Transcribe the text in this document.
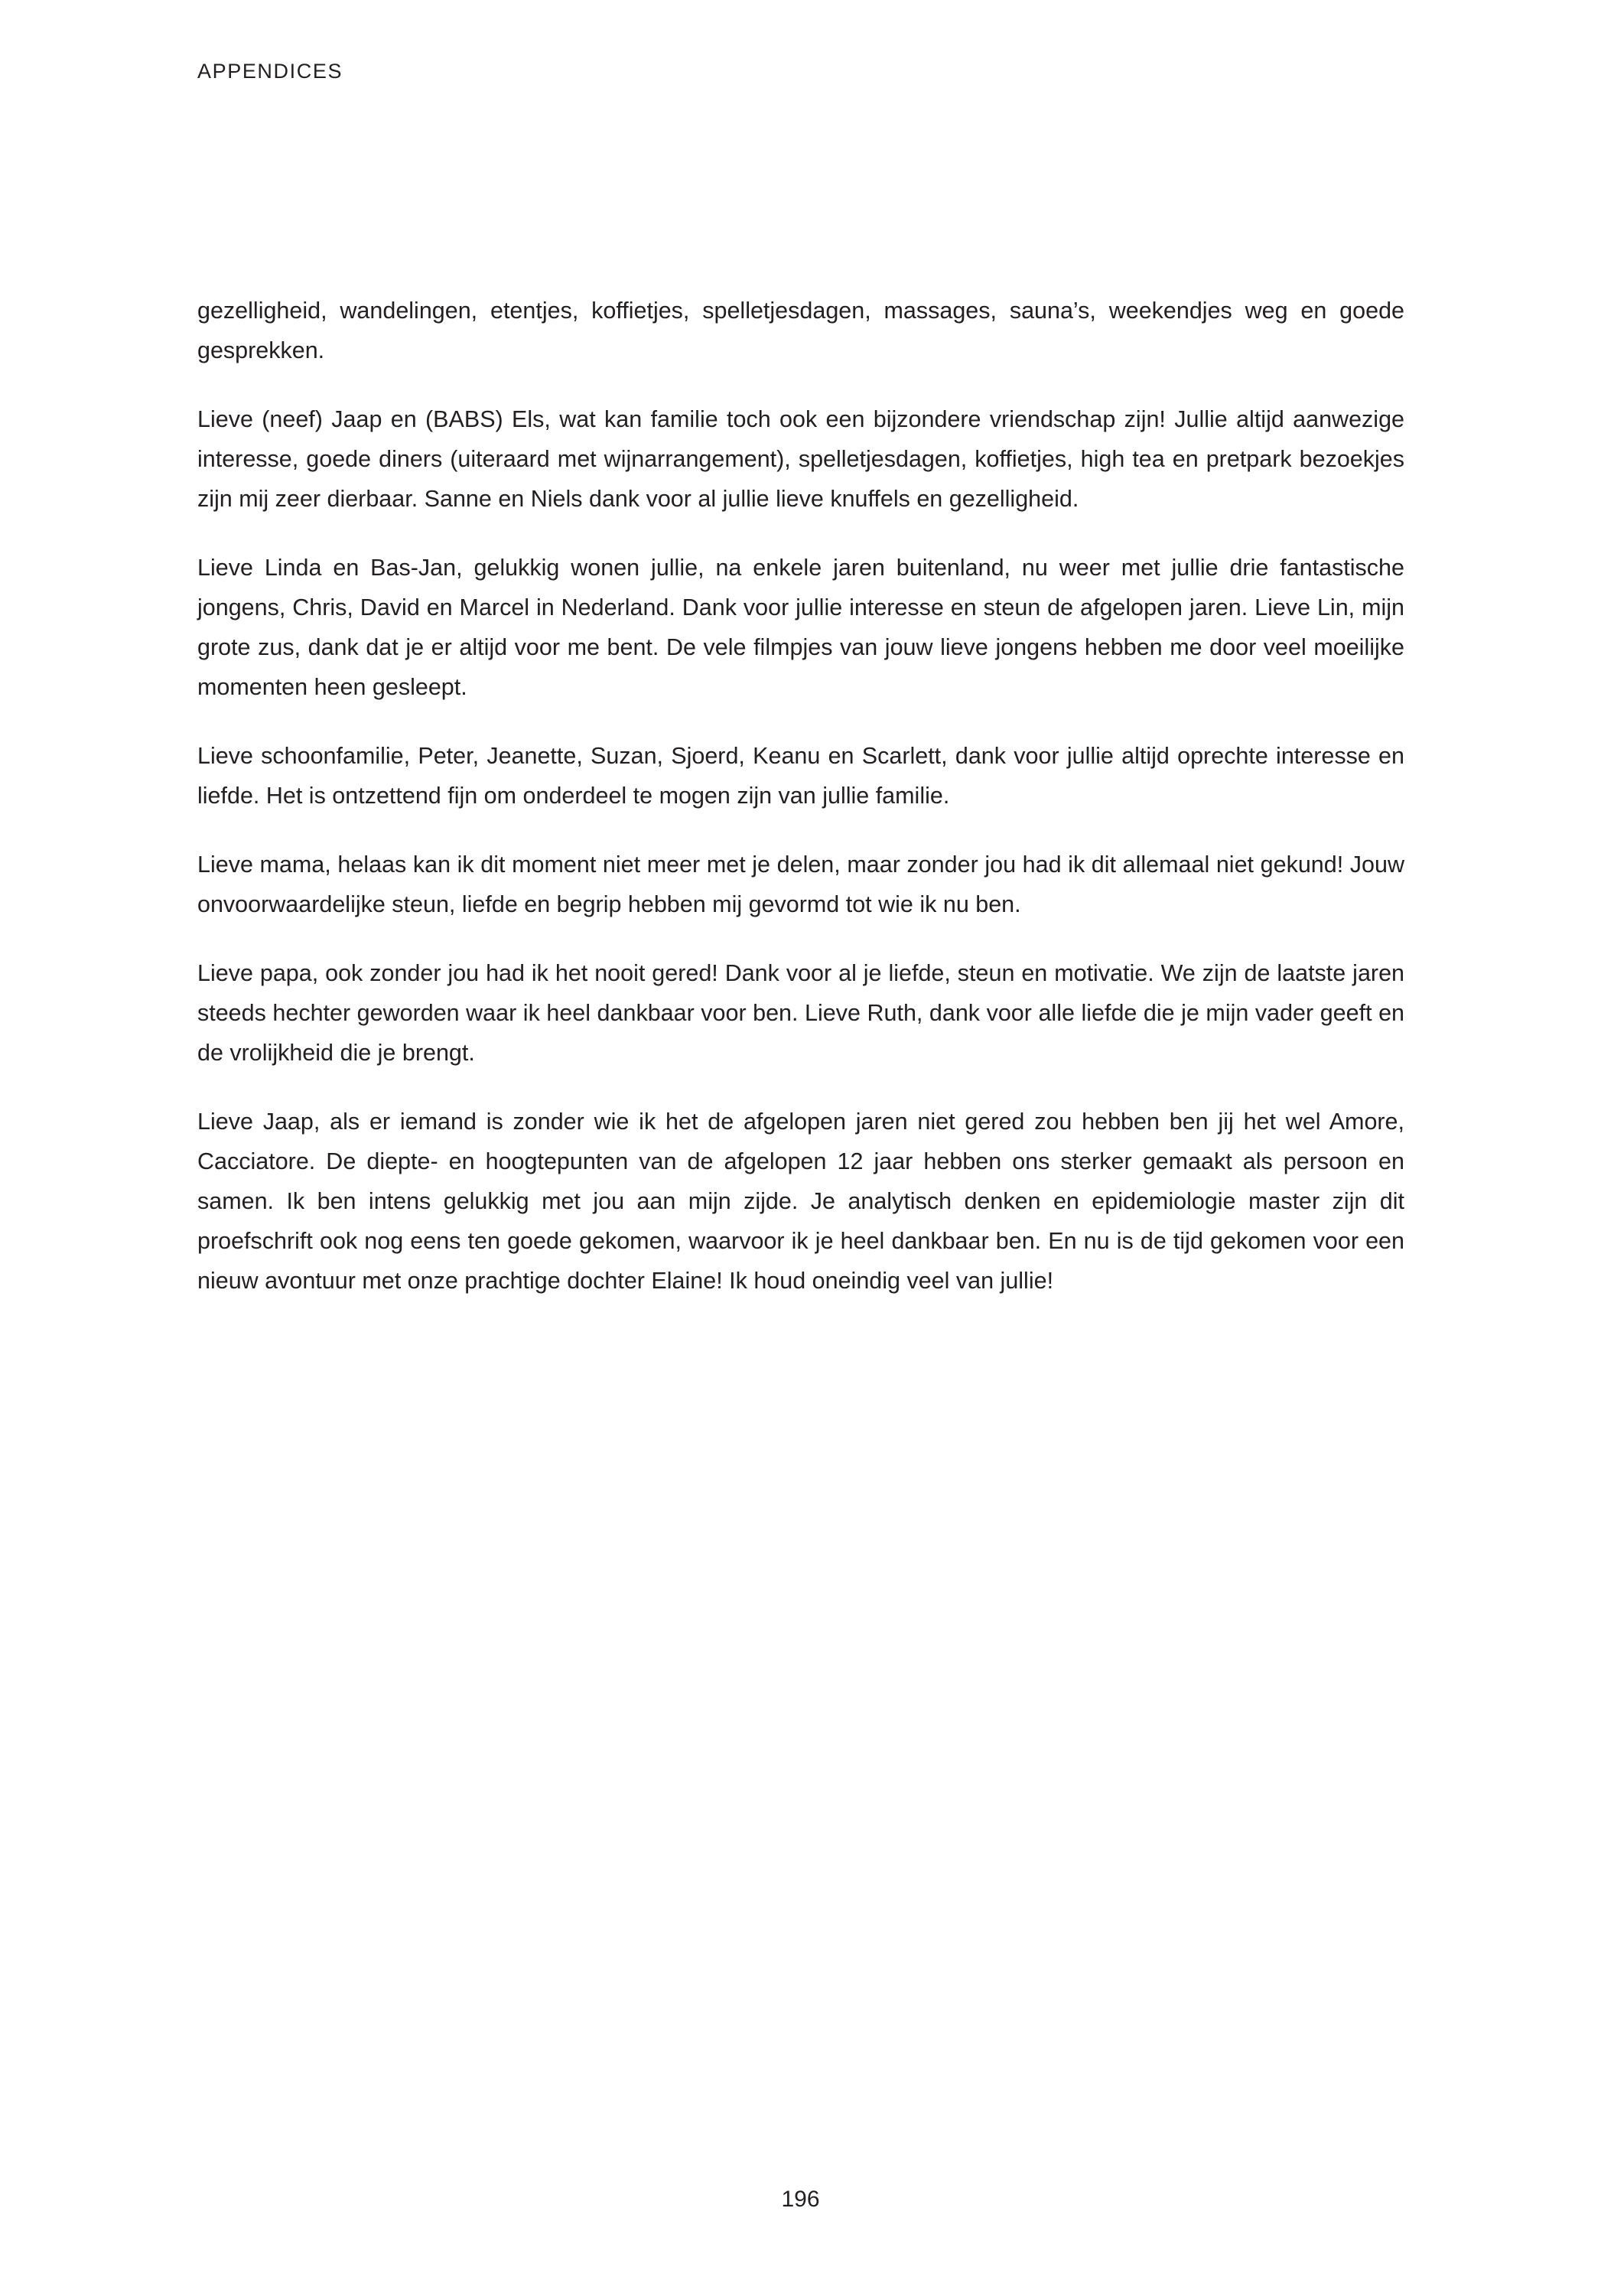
APPENDICES

gezelligheid, wandelingen, etentjes, koffietjes, spelletjesdagen, massages, sauna’s, weekendjes weg en goede gesprekken.

Lieve (neef) Jaap en (BABS) Els, wat kan familie toch ook een bijzondere vriendschap zijn! Jullie altijd aanwezige interesse, goede diners (uiteraard met wijnarrangement), spelletjesdagen, koffietjes, high tea en pretpark bezoekjes zijn mij zeer dierbaar. Sanne en Niels dank voor al jullie lieve knuffels en gezelligheid.

Lieve Linda en Bas-Jan, gelukkig wonen jullie, na enkele jaren buitenland, nu weer met jullie drie fantastische jongens, Chris, David en Marcel in Nederland. Dank voor jullie interesse en steun de afgelopen jaren. Lieve Lin, mijn grote zus, dank dat je er altijd voor me bent. De vele filmpjes van jouw lieve jongens hebben me door veel moeilijke momenten heen gesleept.

Lieve schoonfamilie, Peter, Jeanette, Suzan, Sjoerd, Keanu en Scarlett, dank voor jullie altijd oprechte interesse en liefde. Het is ontzettend fijn om onderdeel te mogen zijn van jullie familie.

Lieve mama, helaas kan ik dit moment niet meer met je delen, maar zonder jou had ik dit allemaal niet gekund! Jouw onvoorwaardelijke steun, liefde en begrip hebben mij gevormd tot wie ik nu ben.

Lieve papa, ook zonder jou had ik het nooit gered! Dank voor al je liefde, steun en motivatie. We zijn de laatste jaren steeds hechter geworden waar ik heel dankbaar voor ben. Lieve Ruth, dank voor alle liefde die je mijn vader geeft en de vrolijkheid die je brengt.

Lieve Jaap, als er iemand is zonder wie ik het de afgelopen jaren niet gered zou hebben ben jij het wel Amore, Cacciatore. De diepte- en hoogtepunten van de afgelopen 12 jaar hebben ons sterker gemaakt als persoon en samen. Ik ben intens gelukkig met jou aan mijn zijde. Je analytisch denken en epidemiologie master zijn dit proefschrift ook nog eens ten goede gekomen, waarvoor ik je heel dankbaar ben. En nu is de tijd gekomen voor een nieuw avontuur met onze prachtige dochter Elaine! Ik houd oneindig veel van jullie!

196
